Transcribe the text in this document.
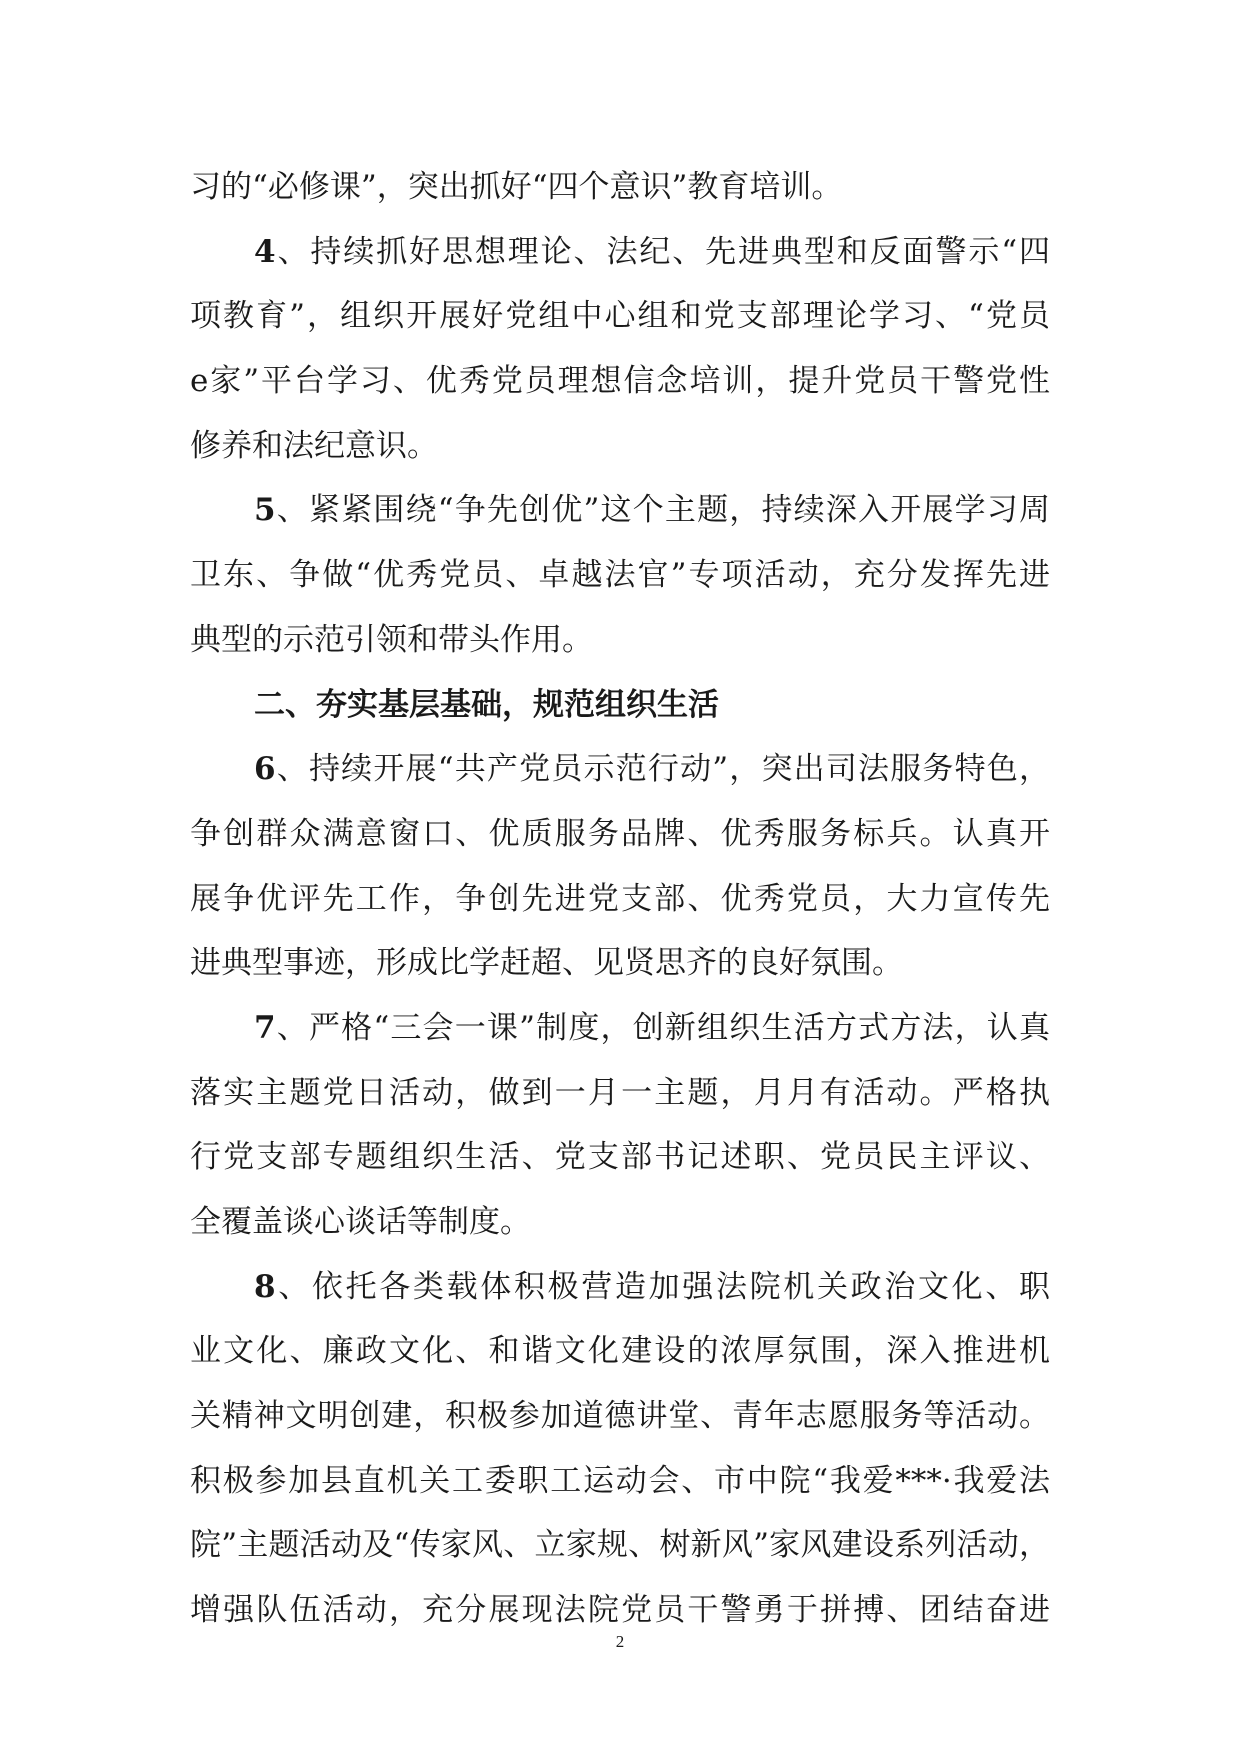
习的“必修课”，突出抓好“四个意识”教育培训。
4、持续抓好思想理论、法纪、先进典型和反面警示“四
项教育”，组织开展好党组中心组和党支部理论学习、“党员
e家”平台学习、优秀党员理想信念培训，提升党员干警党性
修养和法纪意识。
5、紧紧围绕“争先创优”这个主题，持续深入开展学习周
卫东、争做“优秀党员、卓越法官”专项活动，充分发挥先进
典型的示范引领和带头作用。
二、夯实基层基础，规范组织生活
6、持续开展“共产党员示范行动”，突出司法服务特色，
争创群众满意窗口、优质服务品牌、优秀服务标兵。认真开
展争优评先工作，争创先进党支部、优秀党员，大力宣传先
进典型事迹，形成比学赶超、见贤思齐的良好氛围。
7、严格“三会一课”制度，创新组织生活方式方法，认真
落实主题党日活动，做到一月一主题，月月有活动。严格执
行党支部专题组织生活、党支部书记述职、党员民主评议、
全覆盖谈心谈话等制度。
8、依托各类载体积极营造加强法院机关政治文化、职
业文化、廉政文化、和谐文化建设的浓厚氛围，深入推进机
关精神文明创建，积极参加道德讲堂、青年志愿服务等活动。
积极参加县直机关工委职工运动会、市中院“我爱***·我爱法
院”主题活动及“传家风、立家规、树新风”家风建设系列活动，
增强队伍活动，充分展现法院党员干警勇于拼搏、团结奋进
2
